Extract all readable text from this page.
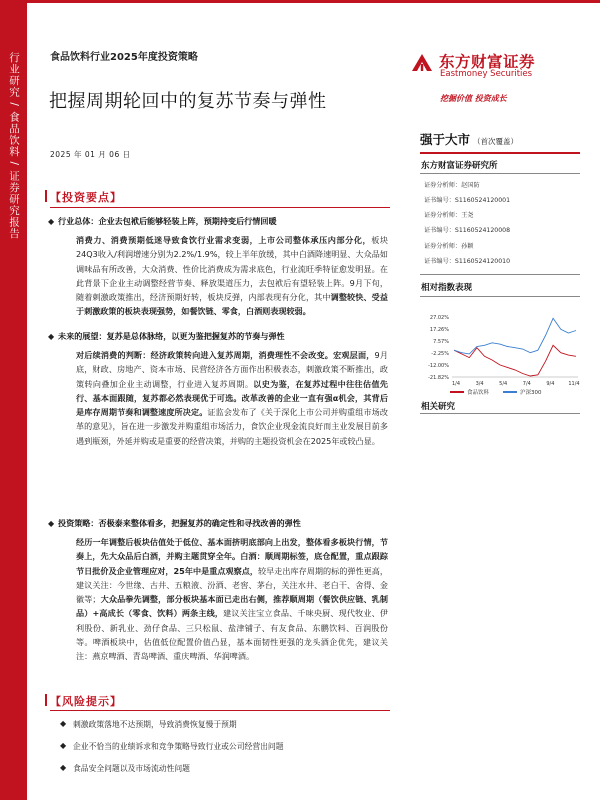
行业研究 / 食品饮料 / 证券研究报告	食品饮料行业2025年度投资策略
把握周期轮回中的复苏节奏与弹性
2025 年 01 月 06 日
东方财富证券
Eastmoney Securities
挖掘价值 投资成长
强于大市 （首次覆盖）
东方财富证券研究所
证券分析师：赵国防
证书编号：S1160524120001
证券分析师：王尧
证书编号：S1160524120008
证券分析师：孙颖
证书编号：S1160524120010
相对指数表现
27.02%
17.26%
7.57%
-2.25%
-12.00%
-21.82%
1/4	3/4	5/4	7/4	9/4	11/4
食品饮料	沪深300
相关研究
【投资要点】
◆ 行业总体：企业去包袱后能够轻装上阵，预期持变后行情回暖
消费力、消费预期低迷导致食饮行业需求变弱，上市公司整体承压内部分化，板块24Q3收入/利润增速分别为2.2%/1.9%，较上半年放缓，其中白酒降速明显、大众品如调味品有所改善，大众消费、性价比消费成为需求底色，行业流旺季特征愈发明显。在此背景下企业主动调整经营节奏、释放渠道压力，去包袱后有望轻装上阵。9月下旬，随着刺激政策推出，经济预期好转，板块反弹，内部表现有分化，其中调整较快、受益于刺激政策的板块表现强势，如餐饮链、零食，白酒则表现较弱。
◆ 未来的展望：复苏是总体脉络，以更为鉴把握复苏的节奏与弹性
对后续消费的判断：经济政策转向进入复苏周期，消费理性不会改变。宏观层面，9月底，财政、房地产、资本市场、民营经济各方面作出积极表态，刺激政策不断推出，政策转向叠加企业主动调整，行业进入复苏周期。以史为鉴，在复苏过程中往往估值先行、基本面跟随，复苏都必然表现优于可选。改革改善的企业一直有强α机会，其背后是库存周期节奏和调整速度所决定。证监会发布了《关于深化上市公司并购重组市场改革的意见》，旨在进一步激发并购重组市场活力，食饮企业现金流良好而主业发展目前多遇到瓶颈，外延并购或是重要的经营决策，并购的主题投资机会在2025年或较凸显。
◆ 投资策略：否极泰来整体看多，把握复苏的确定性和寻找改善的弹性
经历一年调整后板块估值处于低位、基本面挤明底部向上出发，整体看多板块行情，节奏上，先大众品后白酒，并购主题贯穿全年。白酒：顺周期标签，底仓配置，重点跟踪节日批价及企业管理应对，25年中是重点观察点，较早走出库存周期的标的弹性更高，建议关注：今世缘、古井、五粮液、汾酒、老窖、茅台，关注水井、老白干、舍得、金徽等；大众品拳先调整，部分板块基本面已走出右侧，推荐顺周期（餐饮供应链、乳制品）+高成长（零食、饮料）两条主线，建议关注宝立食品、千味央厨、现代牧业、伊利股份、新乳业、劲仔食品、三只松鼠、盐津铺子、有友食品、东鹏饮料、百润股份等。啤酒板块中，估值低位配置价值凸显，基本面韧性更强的龙头酒企优先，建议关注：燕京啤酒、青岛啤酒、重庆啤酒、华润啤酒。
【风险提示】
◆ 刺激政策落地不达预期，导致消费恢复慢于预期
◆ 企业不恰当的业绩诉求和竞争策略导致行业或公司经营出问题
◆ 食品安全问题以及市场流动性问题
